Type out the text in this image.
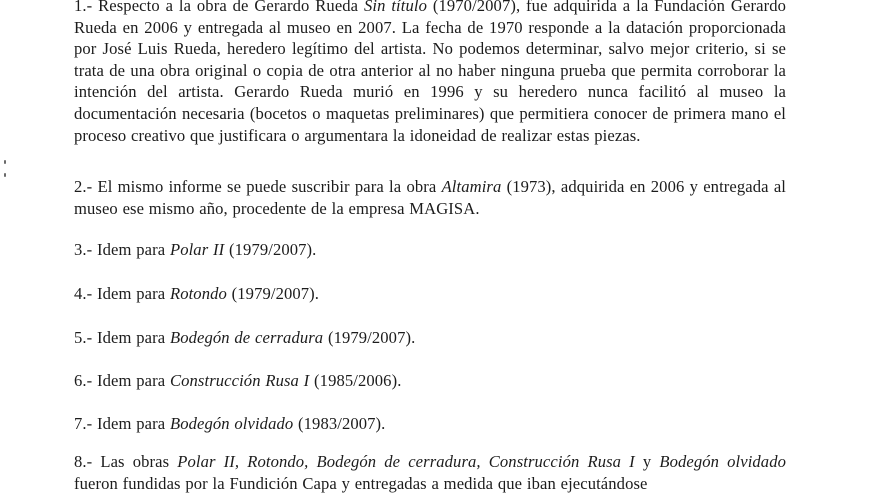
1.- Respecto a la obra de Gerardo Rueda Sin título (1970/2007), fue adquirida a la Fundación Gerardo Rueda en 2006 y entregada al museo en 2007. La fecha de 1970 responde a la datación proporcionada por José Luis Rueda, heredero legítimo del artista. No podemos determinar, salvo mejor criterio, si se trata de una obra original o copia de otra anterior al no haber ninguna prueba que permita corroborar la intención del artista. Gerardo Rueda murió en 1996 y su heredero nunca facilitó al museo la documentación necesaria (bocetos o maquetas preliminares) que permitiera conocer de primera mano el proceso creativo que justificara o argumentara la idoneidad de realizar estas piezas.

2.- El mismo informe se puede suscribir para la obra Altamira (1973), adquirida en 2006 y entregada al museo ese mismo año, procedente de la empresa MAGISA.

3.- Idem para Polar II (1979/2007).

4.- Idem para Rotondo (1979/2007).

5.- Idem para Bodegón de cerradura (1979/2007).

6.- Idem para Construcción Rusa I (1985/2006).

7.- Idem para Bodegón olvidado (1983/2007).

8.- Las obras Polar II, Rotondo, Bodegón de cerradura, Construcción Rusa I y Bodegón olvidado fueron fundidas por la Fundición Capa y entregadas a medida que iban ejecutándose
